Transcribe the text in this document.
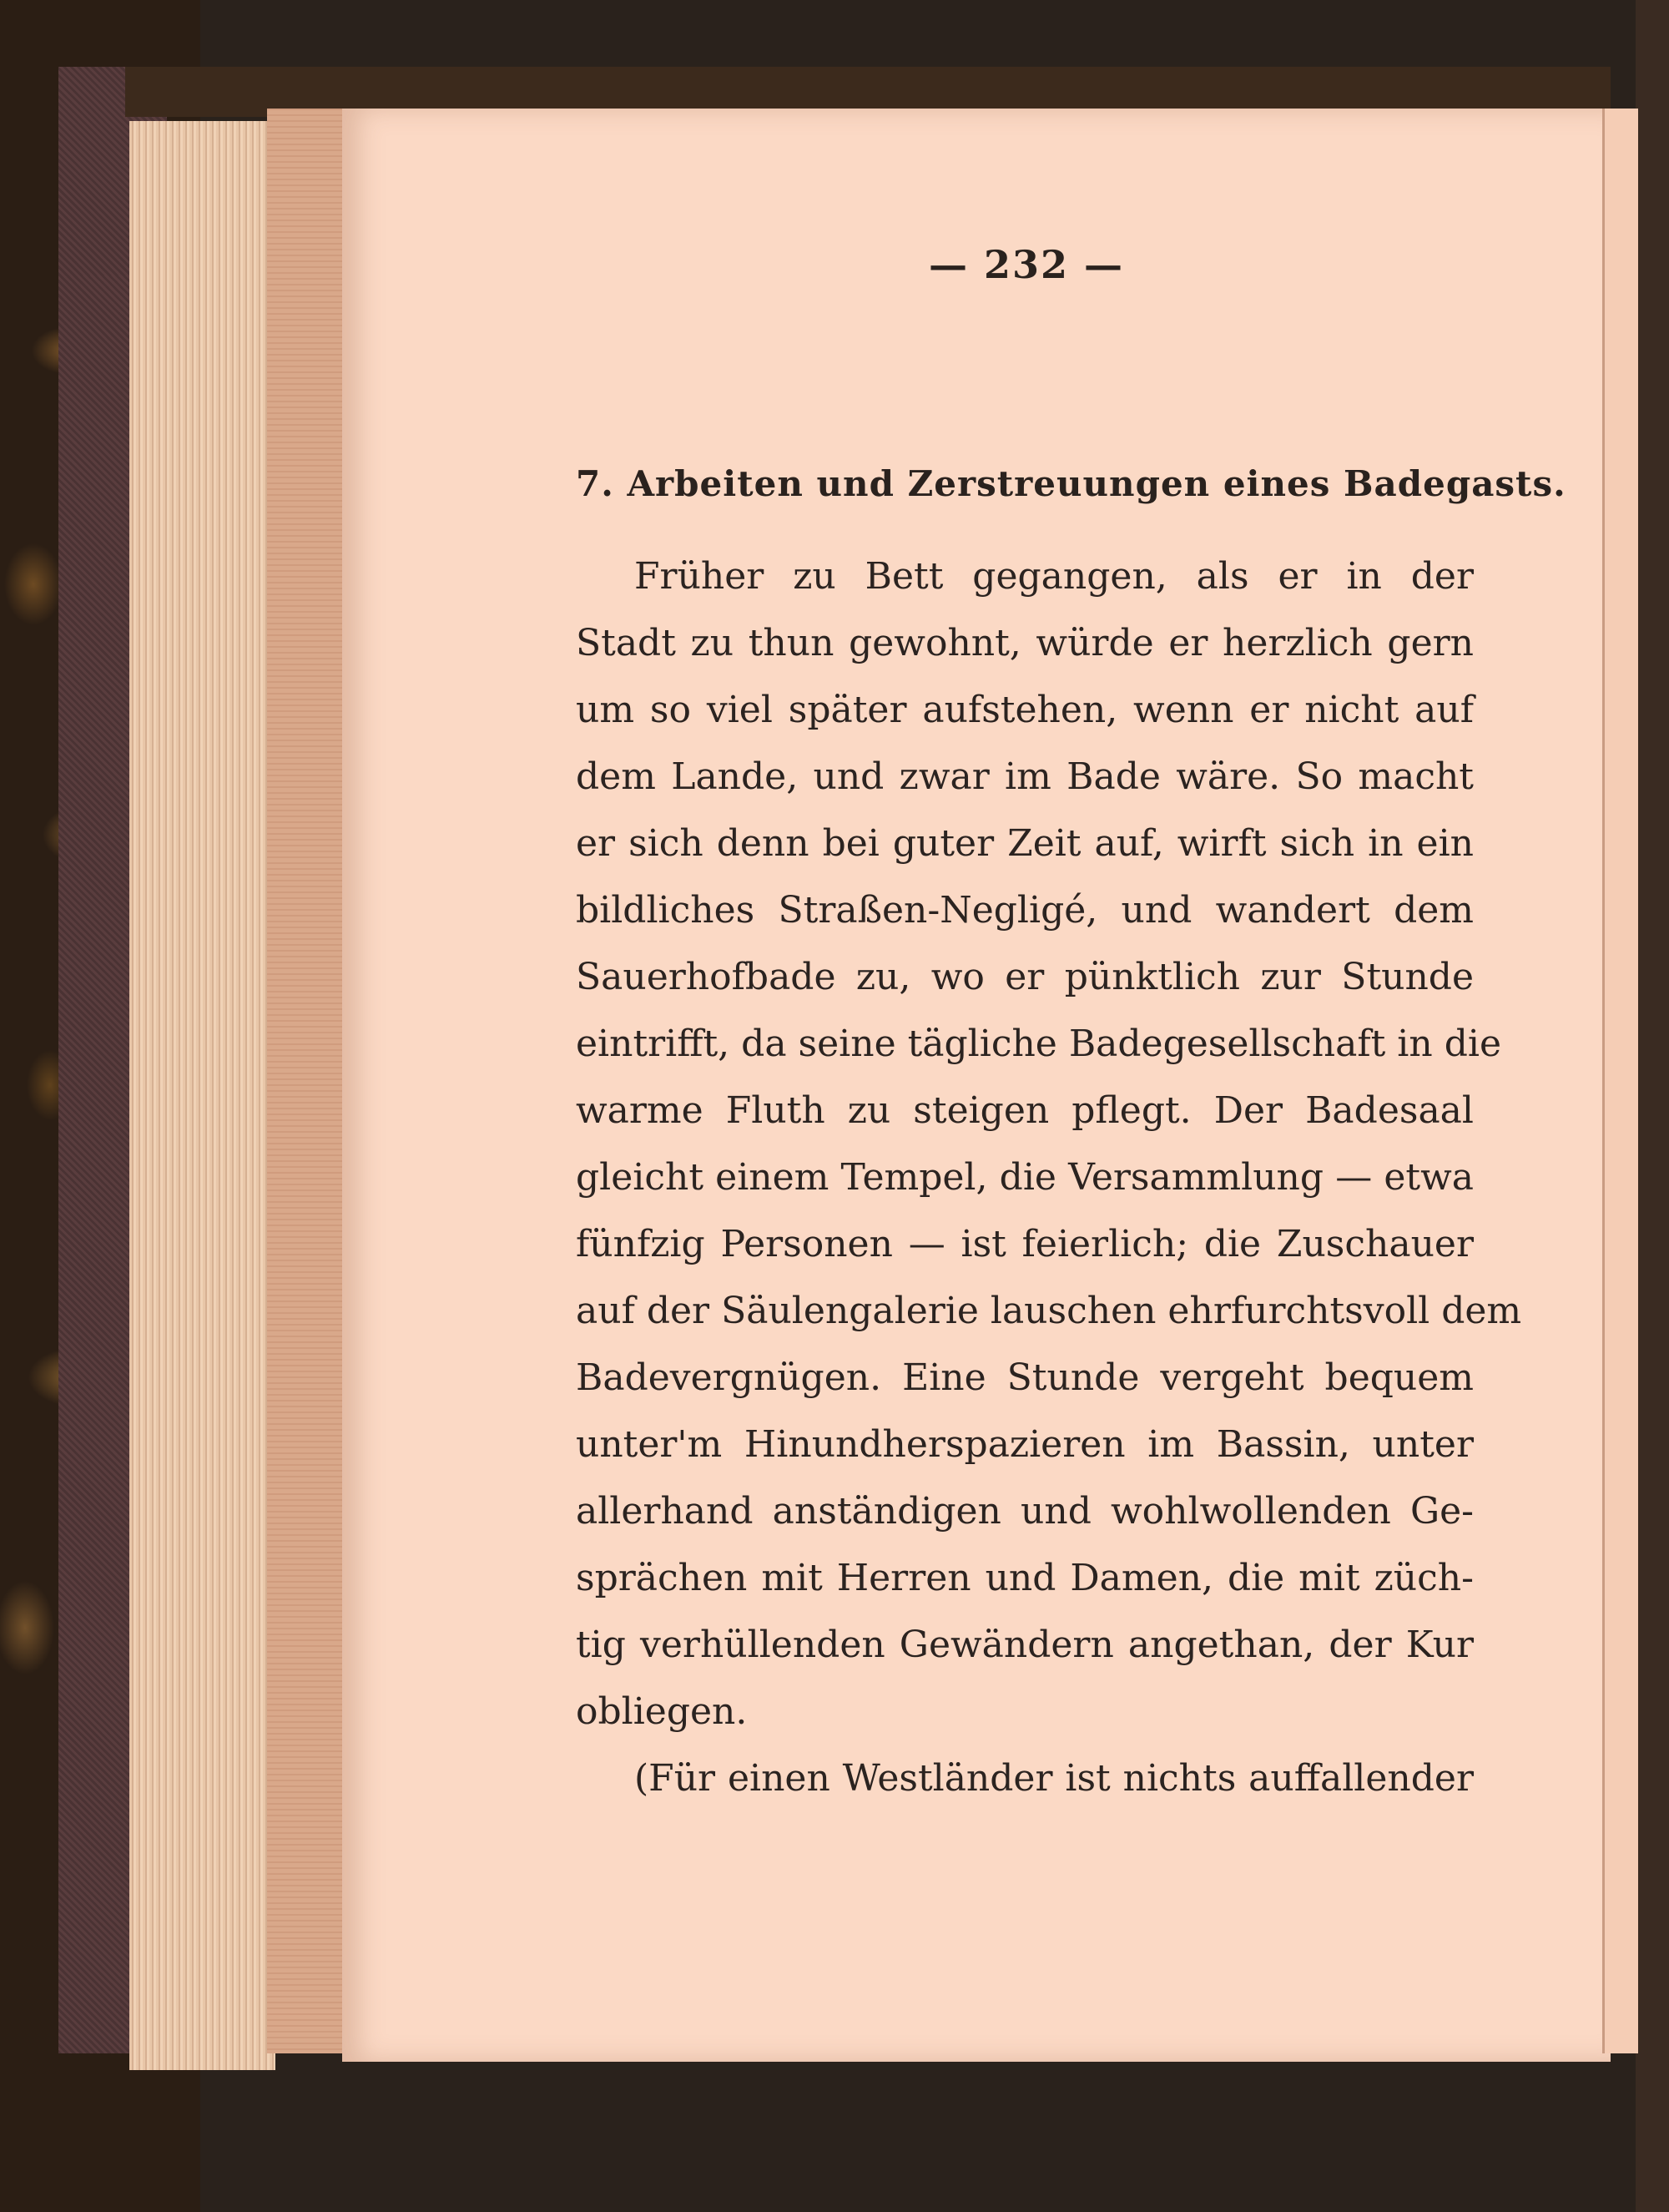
— 232 —
7. Arbeiten und Zerstreuungen eines Badegasts.
Früher zu Bett gegangen, als er in der
Stadt zu thun gewohnt, würde er herzlich gern
um so viel später aufstehen, wenn er nicht auf
dem Lande, und zwar im Bade wäre. So macht
er sich denn bei guter Zeit auf, wirft sich in ein
bildliches Straßen-Negligé, und wandert dem
Sauerhofbade zu, wo er pünktlich zur Stunde
eintrifft, da seine tägliche Badegesellschaft in die
warme Fluth zu steigen pflegt. Der Badesaal
gleicht einem Tempel, die Versammlung — etwa
fünfzig Personen — ist feierlich; die Zuschauer
auf der Säulengalerie lauschen ehrfurchtsvoll dem
Badevergnügen. Eine Stunde vergeht bequem
unter'm Hinundherspazieren im Bassin, unter
allerhand anständigen und wohlwollenden Ge-
sprächen mit Herren und Damen, die mit züch-
tig verhüllenden Gewändern angethan, der Kur
obliegen.
(Für einen Westländer ist nichts auffallender
